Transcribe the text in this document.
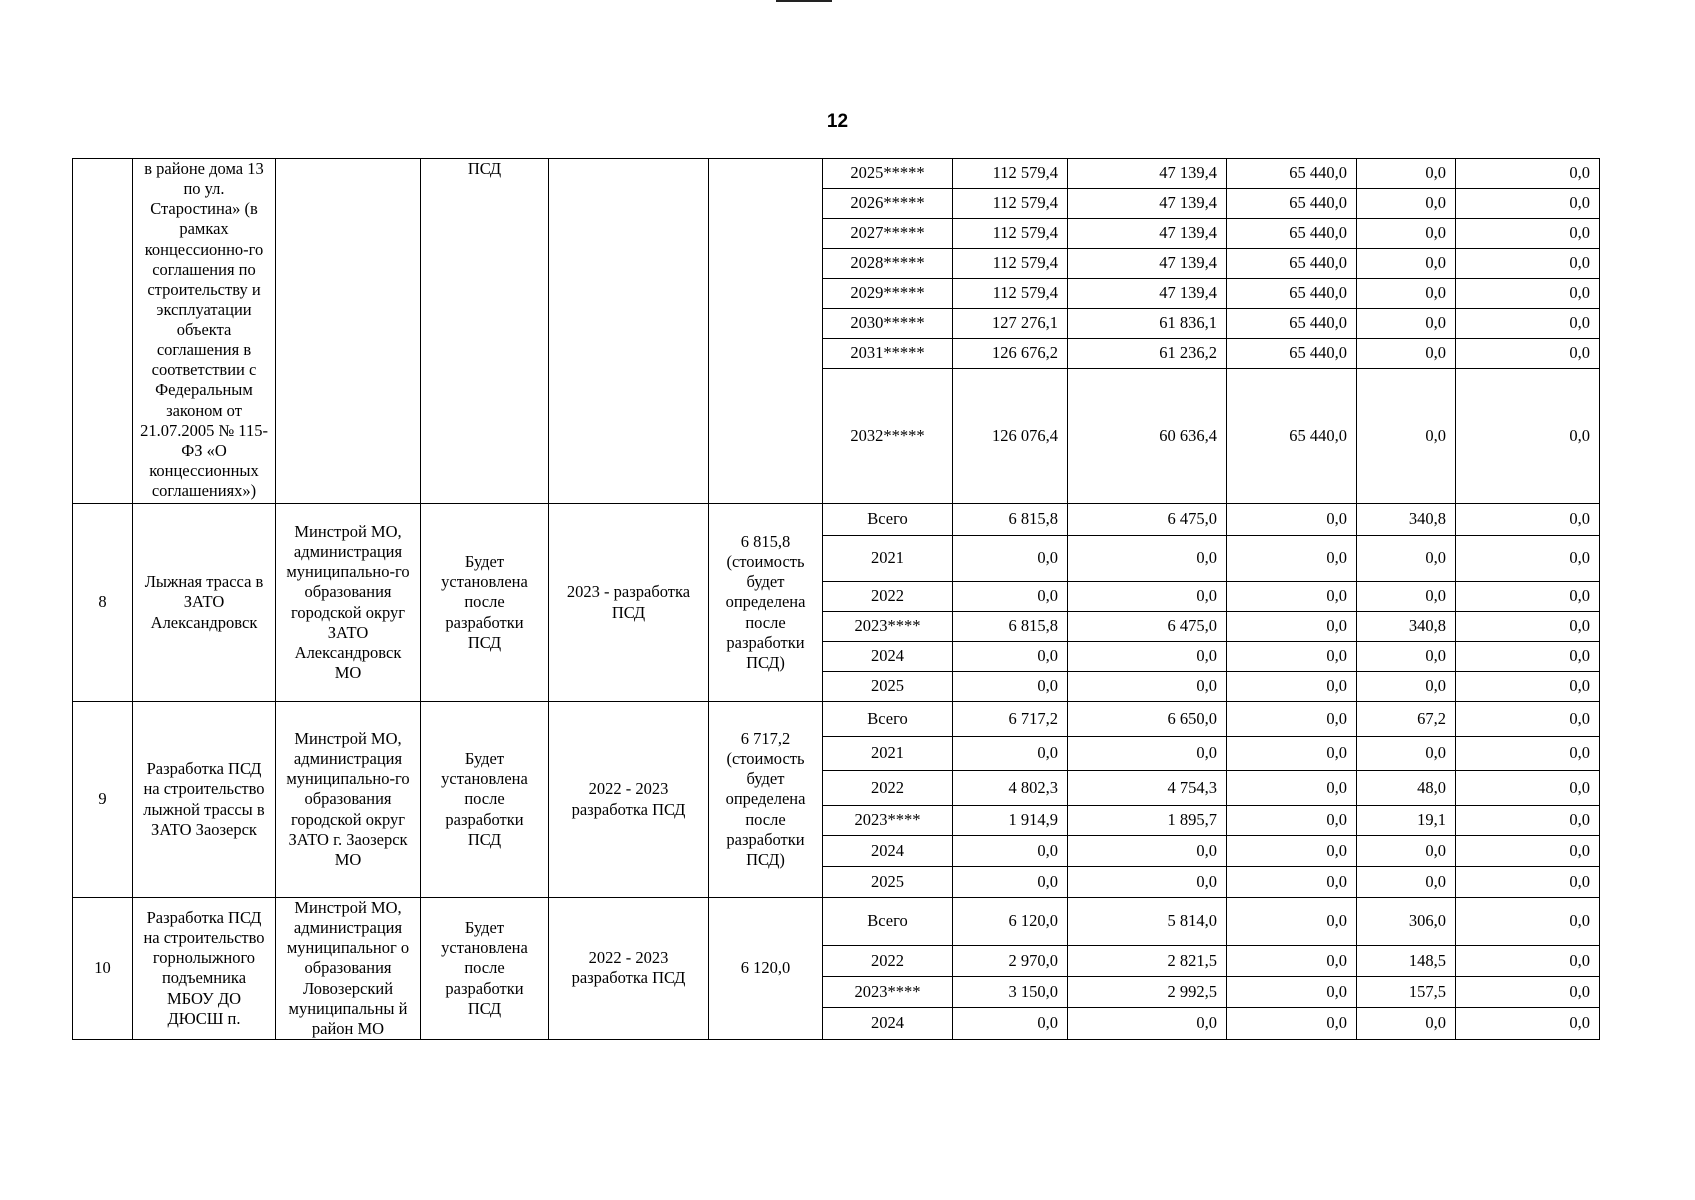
12
	в районе дома 13 по ул. Старостина» (в рамках концессионно-го соглашения по строительству и эксплуатации объекта соглашения в соответствии с Федеральным законом от 21.07.2005 № 115-ФЗ «О концессионных соглашениях»)		ПСД			2025*****	112 579,4	47 139,4	65 440,0	0,0	0,0
						2026*****	112 579,4	47 139,4	65 440,0	0,0	0,0
						2027*****	112 579,4	47 139,4	65 440,0	0,0	0,0
						2028*****	112 579,4	47 139,4	65 440,0	0,0	0,0
						2029*****	112 579,4	47 139,4	65 440,0	0,0	0,0
						2030*****	127 276,1	61 836,1	65 440,0	0,0	0,0
						2031*****	126 676,2	61 236,2	65 440,0	0,0	0,0
						2032*****	126 076,4	60 636,4	65 440,0	0,0	0,0
8	Лыжная трасса в ЗАТО Александровск	Минстрой МО, администрация муниципально-го образования городской округ ЗАТО Александровск МО	Будет установлена после разработки ПСД	2023 - разработка ПСД	6 815,8 (стоимость будет определена после разработки ПСД)	Всего	6 815,8	6 475,0	0,0	340,8	0,0
						2021	0,0	0,0	0,0	0,0	0,0
						2022	0,0	0,0	0,0	0,0	0,0
						2023****	6 815,8	6 475,0	0,0	340,8	0,0
						2024	0,0	0,0	0,0	0,0	0,0
						2025	0,0	0,0	0,0	0,0	0,0
9	Разработка ПСД на строительство лыжной трассы в ЗАТО Заозерск	Минстрой МО, администрация муниципально-го образования городской округ ЗАТО г. Заозерск МО	Будет установлена после разработки ПСД	2022 - 2023 разработка ПСД	6 717,2 (стоимость будет определена после разработки ПСД)	Всего	6 717,2	6 650,0	0,0	67,2	0,0
						2021	0,0	0,0	0,0	0,0	0,0
						2022	4 802,3	4 754,3	0,0	48,0	0,0
						2023****	1 914,9	1 895,7	0,0	19,1	0,0
						2024	0,0	0,0	0,0	0,0	0,0
						2025	0,0	0,0	0,0	0,0	0,0
10	Разработка ПСД на строительство горнолыжного подъемника МБОУ ДО ДЮСШ п.	Минстрой МО, администрация муниципальног о образования Ловозерский муниципальны й район МО	Будет установлена после разработки ПСД	2022 - 2023 разработка ПСД	6 120,0	Всего	6 120,0	5 814,0	0,0	306,0	0,0
						2022	2 970,0	2 821,5	0,0	148,5	0,0
						2023****	3 150,0	2 992,5	0,0	157,5	0,0
						2024	0,0	0,0	0,0	0,0	0,0
